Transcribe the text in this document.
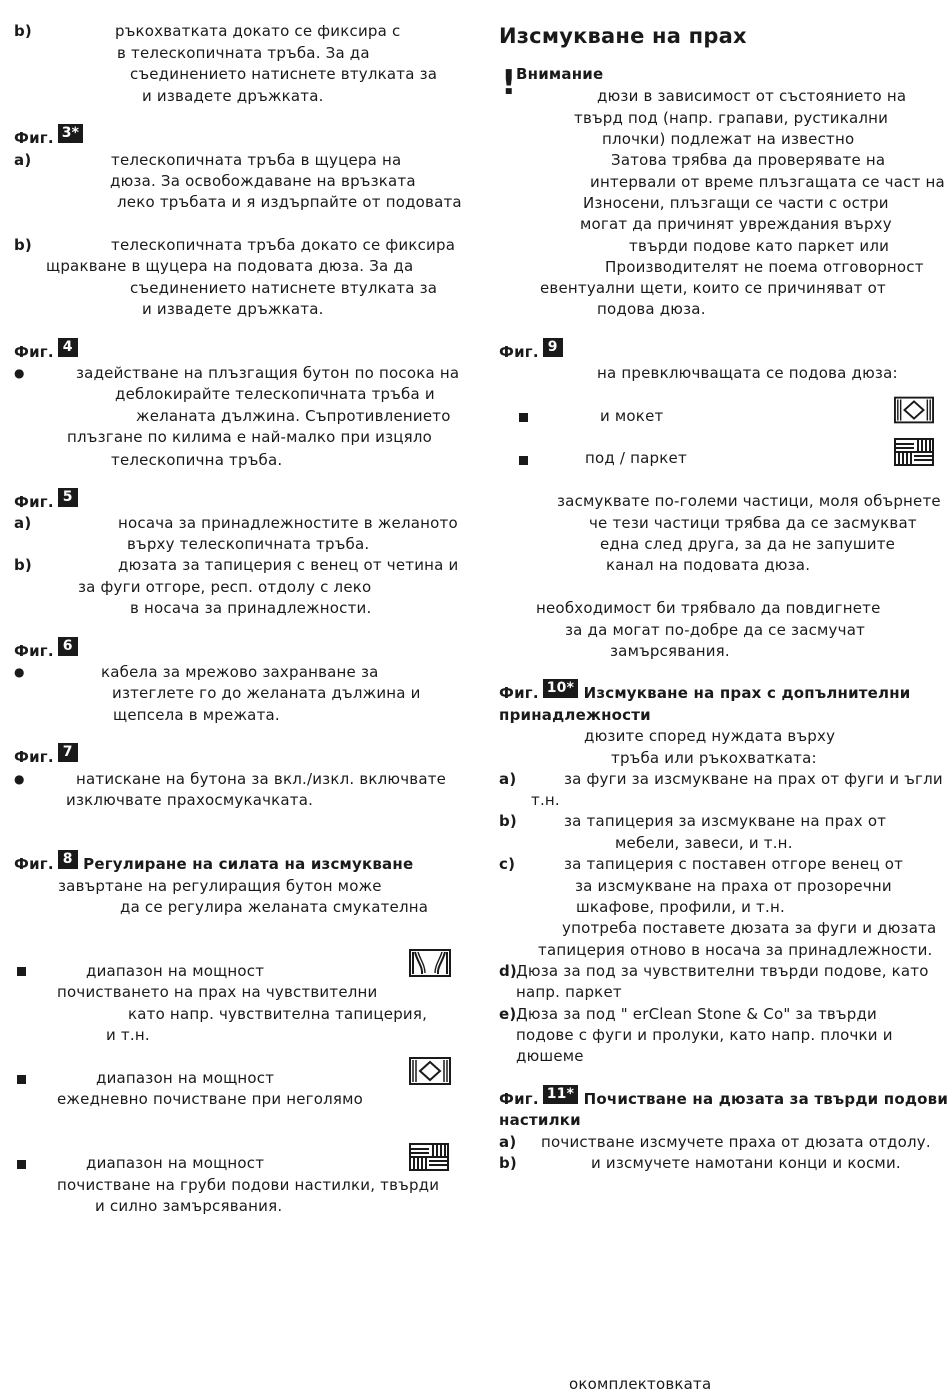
b)	ръкохватката докато се фиксира с
в телескопичната тръба. За да
съединението натиснете втулката за
и извадете дръжката.
Фиг. 3*
a)	телескопичната тръба в щуцера на
дюза. За освобождаване на връзката
леко тръбата и я издърпайте от подовата
b)	телескопичната тръба докато се фиксира
щракване в щуцера на подовата дюза. За да
съединението натиснете втулката за
и извадете дръжката.
Фиг. 4
●	задействане на плъзгащия бутон по посока на
деблокирайте телескопичната тръба и
желаната дължина. Съпротивлението
плъзгане по килима е най-малко при изцяло
телескопична тръба.
Фиг. 5
a)	носача за принадлежностите в желаното
върху телескопичната тръба.
b)	дюзата за тапицерия с венец от четина и
за фуги отгоре, респ. отдолу с леко
в носача за принадлежности.
Фиг. 6
●	кабела за мрежово захранване за
изтеглете го до желаната дължина и
щепсела в мрежата.
Фиг. 7
●	натискане на бутона за вкл./изкл. включвате
изключвате прахосмукачката.
Фиг. 8 Регулиране на силата на изсмукване
завъртане на регулиращия бутон може
да се регулира желаната смукателна
диапазон на мощност
почистването на прах на чувствителни
като напр. чувствителна тапицерия,
и т.н.
диапазон на мощност
ежедневно почистване при неголямо
диапазон на мощност
почистване на груби подови настилки, твърди
и силно замърсявания.
Изсмукване на прах
! Внимание
дюзи в зависимост от състоянието на
твърд под (напр. грапави, рустикални
плочки) подлежат на известно
Затова трябва да проверявате на
интервали от време плъзгащата се част на
Износени, плъзгащи се части с остри
могат да причинят увреждания върху
твърди подове като паркет или
Производителят не поема отговорност
евентуални щети, които се причиняват от
подова дюза.
Фиг. 9
на превключващата се подова дюза:
и мокет
под / паркет
засмуквате по-големи частици, моля обърнете
че тези частици трябва да се засмукват
една след друга, за да не запушите
канал на подовата дюза.
необходимост би трябвало да повдигнете
за да могат по-добре да се засмучат
замърсявания.
Фиг. 10* Изсмукване на прах с допълнителни
принадлежности
дюзите според нуждата върху
тръба или ръкохватката:
a)	за фуги за изсмукване на прах от фуги и ъгли
т.н.
b)	за тапицерия за изсмукване на прах от
мебели, завеси, и т.н.
c)	за тапицерия с поставен отгоре венец от
за изсмукване на праха от прозоречни
шкафове, профили, и т.н.
употреба поставете дюзата за фуги и дюзата
тапицерия отново в носача за принадлежности.
d) Дюза за под за чувствителни твърди подове, като
напр. паркет
e) Дюза за под " erClean Stone & Co" за твърди
подове с фуги и пролуки, като напр. плочки и
дюшеме
Фиг. 11* Почистване на дюзата за твърди подови
настилки
a) почистване изсмучете праха от дюзата отдолу.
b)	и изсмучете намотани конци и косми.
окомплектовката
